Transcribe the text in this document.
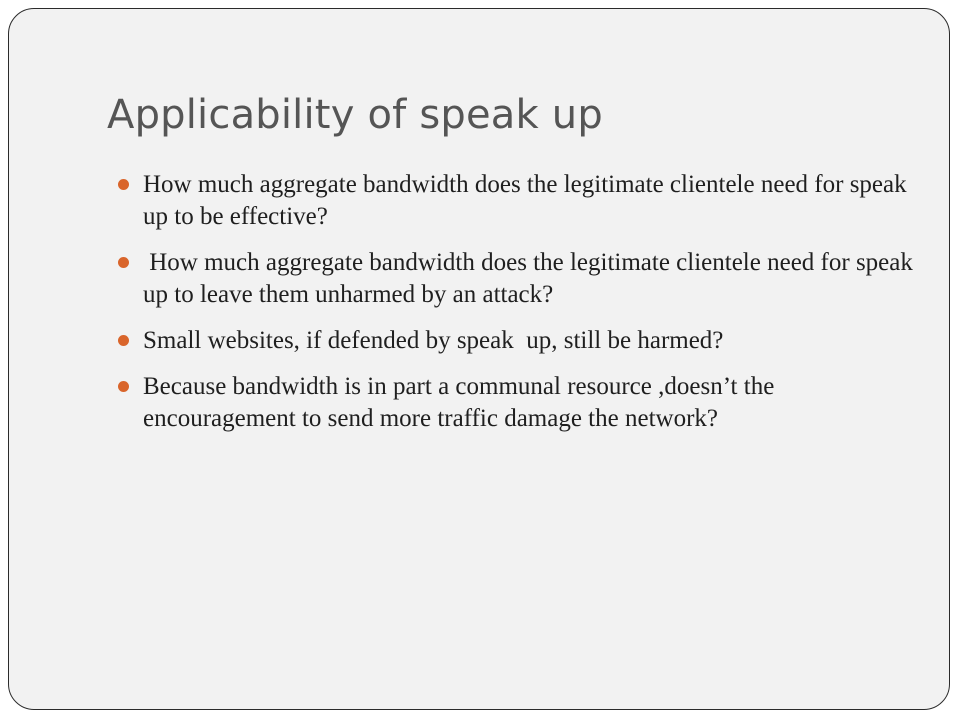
Applicability of speak up
How much aggregate bandwidth does the legitimate clientele need for speak up to be effective?
How much aggregate bandwidth does the legitimate clientele need for speak up to leave them unharmed by an attack?
Small websites, if defended by speak  up, still be harmed?
Because bandwidth is in part a communal resource ,doesn’t the encouragement to send more traffic damage the network?
